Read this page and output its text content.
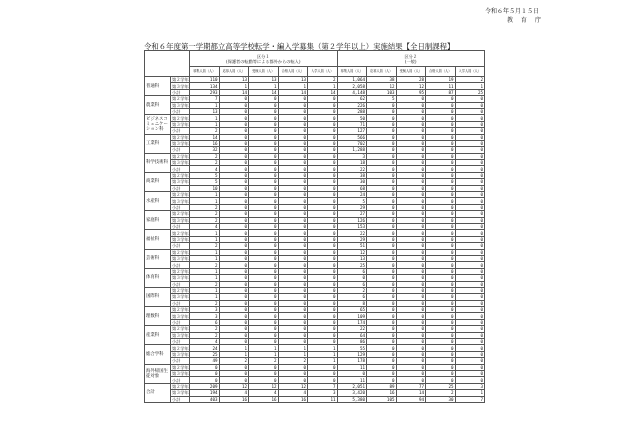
令和６年５月１５日
教 育 庁
令和６年度第一学期都立高等学校転学・編入学募集（第２学年以上）実施結果【全日制課程】
		区分１
(保護者の転勤等による都外からの転入)					区分２
(一般)				
		募集人員（人）	応募人員（人）	受検人員（人）	合格人員（人）	入学人員（人）	募集人員（人）	応募人員（人）	受検人員（人）	合格人員（人）	入学人員（人）
普通科	第２学年	110	13	13	13	2	1,064	38	28	19	2
	第３学年	134	1	1	1	1	2,058	12	12	11	1
	小計	293	14	14	14	14	4,148	103	95	87	25
農業科	第２学年	7	0	0	0	0	62	5	0	0	0
	第３学年	1	0	0	0	0	226	0	0	0	0
	小計	13	0	0	0	0	288	0	0	0	0
ビジネスコミュニケーション科	第２学年	1	0	0	0	0	50	0	0	0	0
	第３学年	1	0	0	0	0	71	0	0	0	0
	小計	2	0	0	0	0	127	0	0	0	0
工業科	第２学年	14	0	0	0	0	566	0	0	0	0
	第３学年	16	0	0	0	0	702	0	0	0	0
	小計	32	0	0	0	0	1,288	0	0	0	0
科学技術科	第２学年	2	0	0	0	0	3	0	0	0	0
	第３学年	2	0	0	0	0	18	0	0	0	0
	小計	4	0	0	0	0	22	0	0	0	0
商業科	第２学年	5	0	0	0	0	38	0	0	0	0
	第３学年	5	0	0	0	0	30	0	0	0	0
	小計	10	0	0	0	0	68	0	0	0	0
水産科	第２学年	1	0	0	0	0	24	0	0	0	0
	第３学年	1	0	0	0	0	5	0	0	0	0
	小計	2	0	0	0	0	29	0	0	0	0
家庭科	第２学年	2	0	0	0	0	27	0	0	0	0
	第３学年	2	0	0	0	0	126	0	0	0	0
	小計	4	0	0	0	0	153	0	0	0	0
福祉科	第２学年	1	0	0	0	0	22	0	0	0	0
	第３学年	1	0	0	0	0	29	0	0	0	0
	小計	2	0	0	0	0	51	0	0	0	0
芸術科	第２学年	1	0	0	0	0	12	0	0	0	0
	第３学年	1	0	0	0	0	13	0	0	0	0
	小計	2	0	0	0	0	25	0	0	0	0
体育科	第２学年	1	0	0	0	0	6	0	0	0	0
	第３学年	1	0	0	0	0	0	0	0	0	0
	小計	2	0	0	0	0	6	0	0	0	0
国際科	第２学年	1	0	0	0	0	2	0	0	0	0
	第３学年	1	0	0	0	0	6	0	0	0	0
	小計	2	0	0	0	0	8	0	0	0	0
理数科	第２学年	3	0	0	0	0	65	0	0	0	0
	第３学年	3	0	0	0	0	109	0	0	0	0
	小計	6	0	0	0	0	174	0	0	0	0
産業科	第２学年	2	0	0	0	0	22	0	0	0	0
	第３学年	2	0	0	0	0	64	0	0	0	0
	小計	4	0	0	0	0	86	0	0	0	0
総合学科	第２学年	24	1	1	1	1	55	0	0	0	0
	第３学年	25	1	1	1	1	129	0	0	0	0
	小計	49	2	2	2	1	178	0	0	0	0
海外帰国生徒対象	第２学年	0	0	0	0	0	11	0	0	0	0
	第３学年	0	0	0	0	0	0	0	0	0	0
	小計	0	0	0	0	0	11	0	0	0	0
合計	第２学年	209	12	12	12	7	2,051	89	77	25	3
	第３学年	194	4	4	4	3	3,420	16	14	2	1
	小計	403	16	16	16	11	5,380	105	94	30	7
